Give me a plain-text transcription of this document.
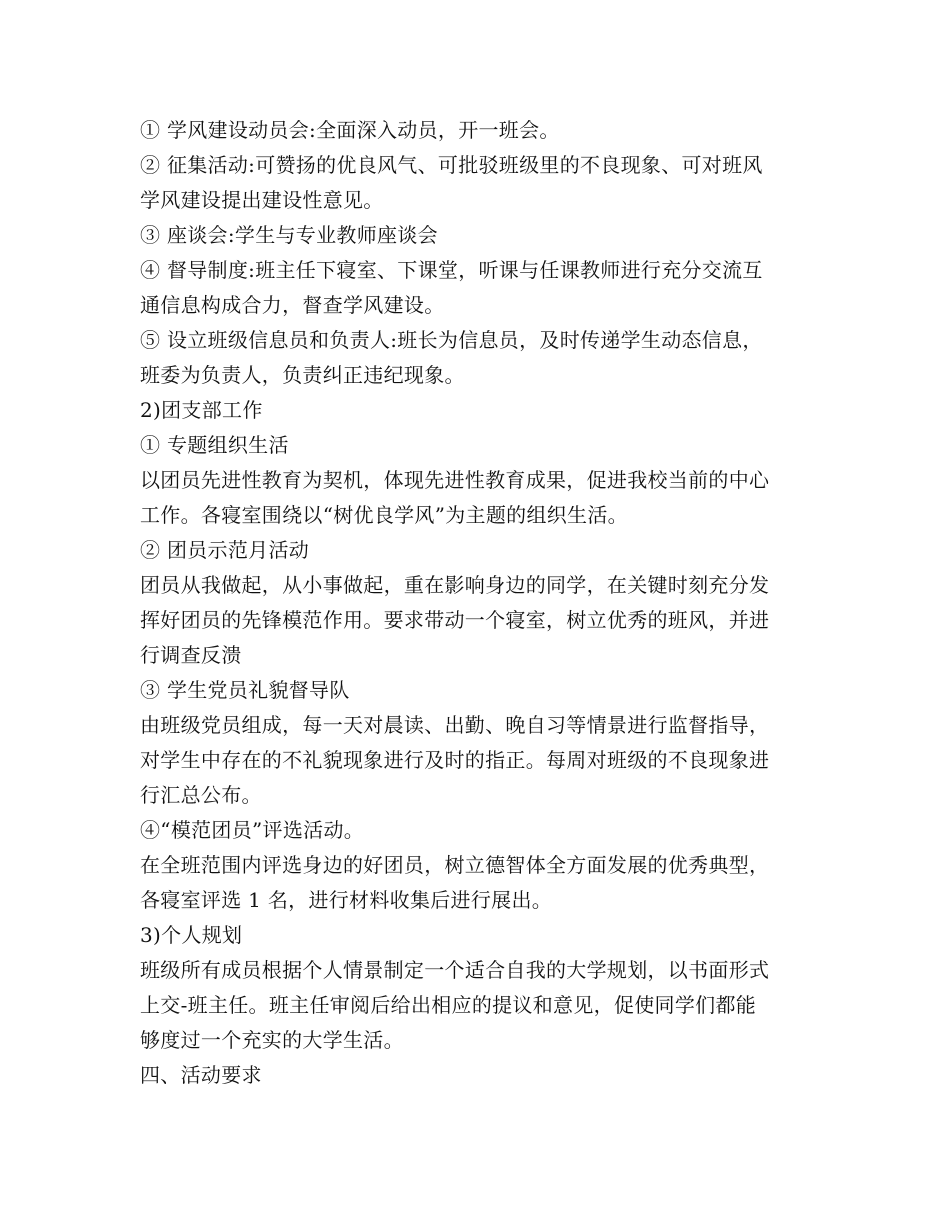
① 学风建设动员会:全面深入动员，开一班会。
② 征集活动:可赞扬的优良风气、可批驳班级里的不良现象、可对班风
学风建设提出建设性意见。
③ 座谈会:学生与专业教师座谈会
④ 督导制度:班主任下寝室、下课堂，听课与任课教师进行充分交流互
通信息构成合力，督查学风建设。
⑤ 设立班级信息员和负责人:班长为信息员，及时传递学生动态信息，
班委为负责人，负责纠正违纪现象。
2)团支部工作
① 专题组织生活
以团员先进性教育为契机，体现先进性教育成果，促进我校当前的中心
工作。各寝室围绕以“树优良学风”为主题的组织生活。
② 团员示范月活动
团员从我做起，从小事做起，重在影响身边的同学，在关键时刻充分发
挥好团员的先锋模范作用。要求带动一个寝室，树立优秀的班风，并进
行调查反溃
③ 学生党员礼貌督导队
由班级党员组成，每一天对晨读、出勤、晚自习等情景进行监督指导，
对学生中存在的不礼貌现象进行及时的指正。每周对班级的不良现象进
行汇总公布。
④“模范团员”评选活动。
在全班范围内评选身边的好团员，树立德智体全方面发展的优秀典型，
各寝室评选 1 名，进行材料收集后进行展出。
3)个人规划
班级所有成员根据个人情景制定一个适合自我的大学规划，以书面形式
上交-班主任。班主任审阅后给出相应的提议和意见，促使同学们都能
够度过一个充实的大学生活。
四、活动要求
